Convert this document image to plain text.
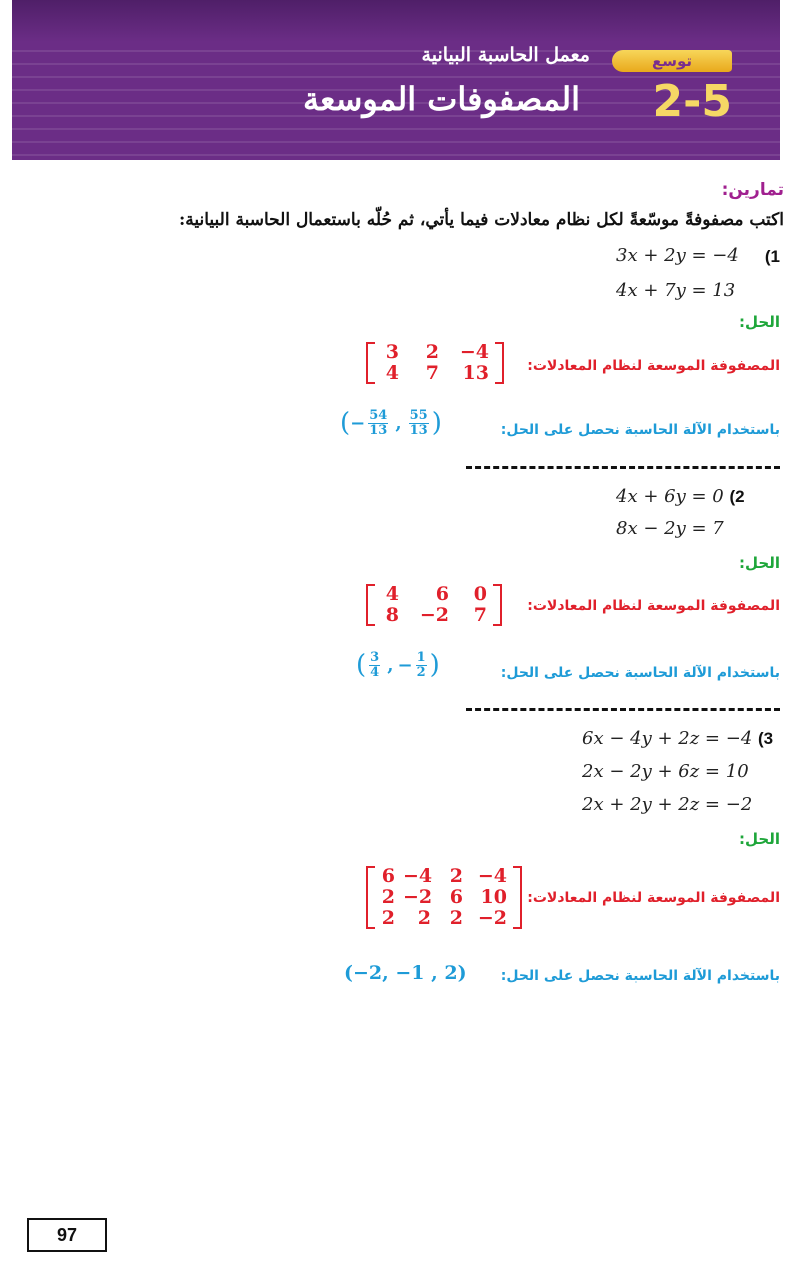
توسع
معمل الحاسبة البيانية
2-5
المصفوفات الموسعة
تمارين:
اكتب مصفوفةً موسّعةً لكل نظام معادلات فيما يأتي، ثم حُلّه باستعمال الحاسبة البيانية:
(1
3x + 2y = −4
4x + 7y = 13
الحل:
المصفوفة الموسعة لنظام المعادلات:
3	2	−4
4	7	13
باستخدام الآلة الحاسبة نحصل على الحل:
( − $\frac{54}{13}$ , $\frac{55}{13}$ )
4x + 6y = 0 (2
8x − 2y = 7
الحل:
المصفوفة الموسعة لنظام المعادلات:
4	6	0
8	−2	7
باستخدام الآلة الحاسبة نحصل على الحل:
( $\frac{3}{4}$ , − $\frac{1}{2}$ )
6x − 4y + 2z = −4 (3
2x − 2y + 6z = 10
2x + 2y + 2z = −2
الحل:
المصفوفة الموسعة لنظام المعادلات:
6 −4 2 −4
2 −2 6 10
2	2 2 −2
باستخدام الآلة الحاسبة نحصل على الحل:
(−2, −1 , 2)
97
